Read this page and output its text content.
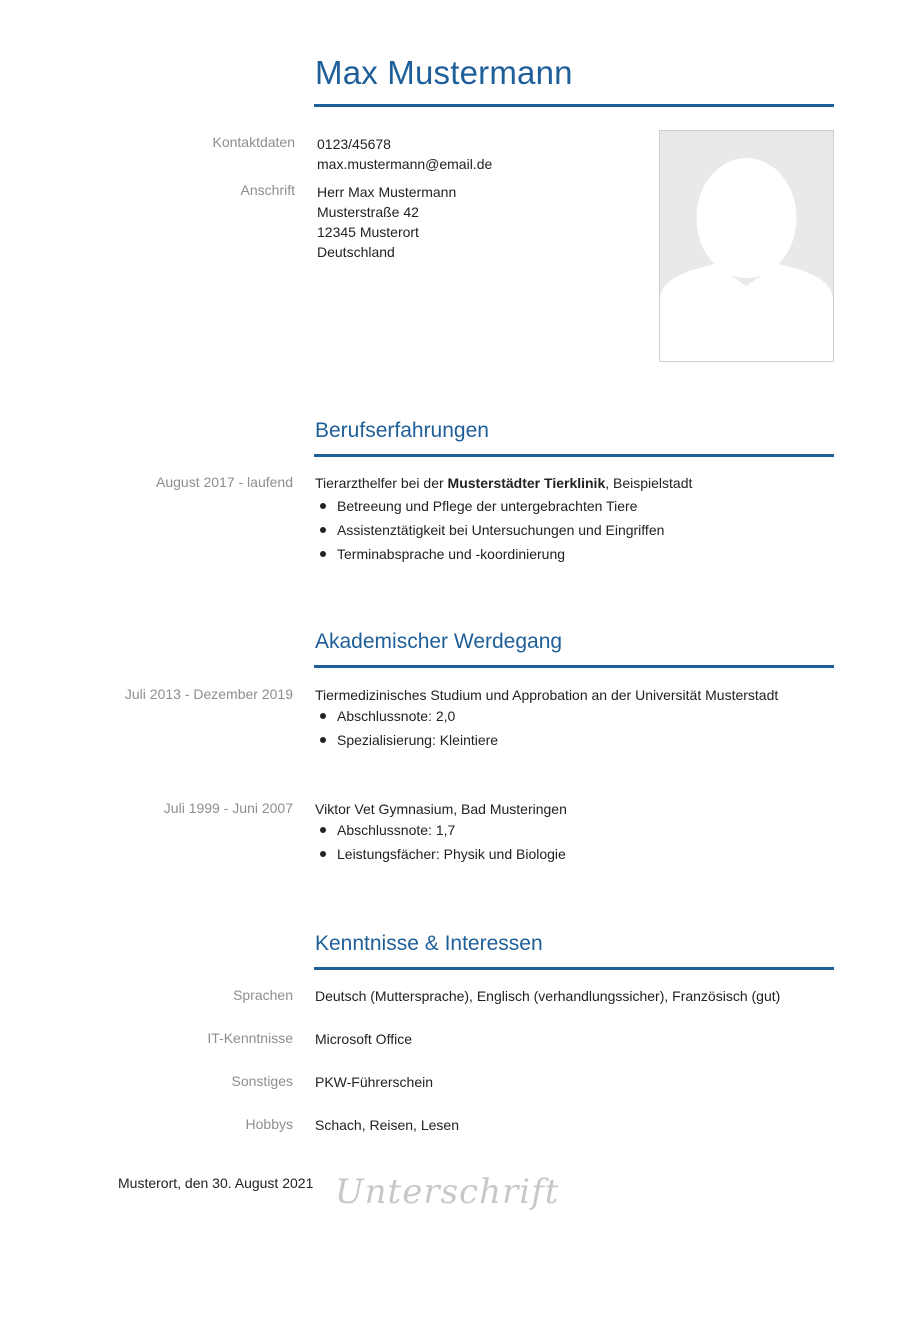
Max Mustermann
Kontaktdaten 0123/45678
max.mustermann@email.de
Anschrift Herr Max Mustermann
Musterstraße 42
12345 Musterort
Deutschland
Berufserfahrungen
August 2017 - laufend Tierarzthelfer bei der Musterstädter Tierklinik, Beispielstadt
Betreeung und Pflege der untergebrachten Tiere
Assistenztätigkeit bei Untersuchungen und Eingriffen
Terminabsprache und -koordinierung
Akademischer Werdegang
Juli 2013 - Dezember 2019 Tiermedizinisches Studium und Approbation an der Universität Musterstadt
Abschlussnote: 2,0
Spezialisierung: Kleintiere
Juli 1999 - Juni 2007 Viktor Vet Gymnasium, Bad Musteringen
Abschlussnote: 1,7
Leistungsfächer: Physik und Biologie
Kenntnisse & Interessen
Sprachen Deutsch (Muttersprache), Englisch (verhandlungssicher), Französisch (gut)
IT-Kenntnisse Microsoft Office
Sonstiges PKW-Führerschein
Hobbys Schach, Reisen, Lesen
Musterort, den 30. August 2021 Unterschrift
